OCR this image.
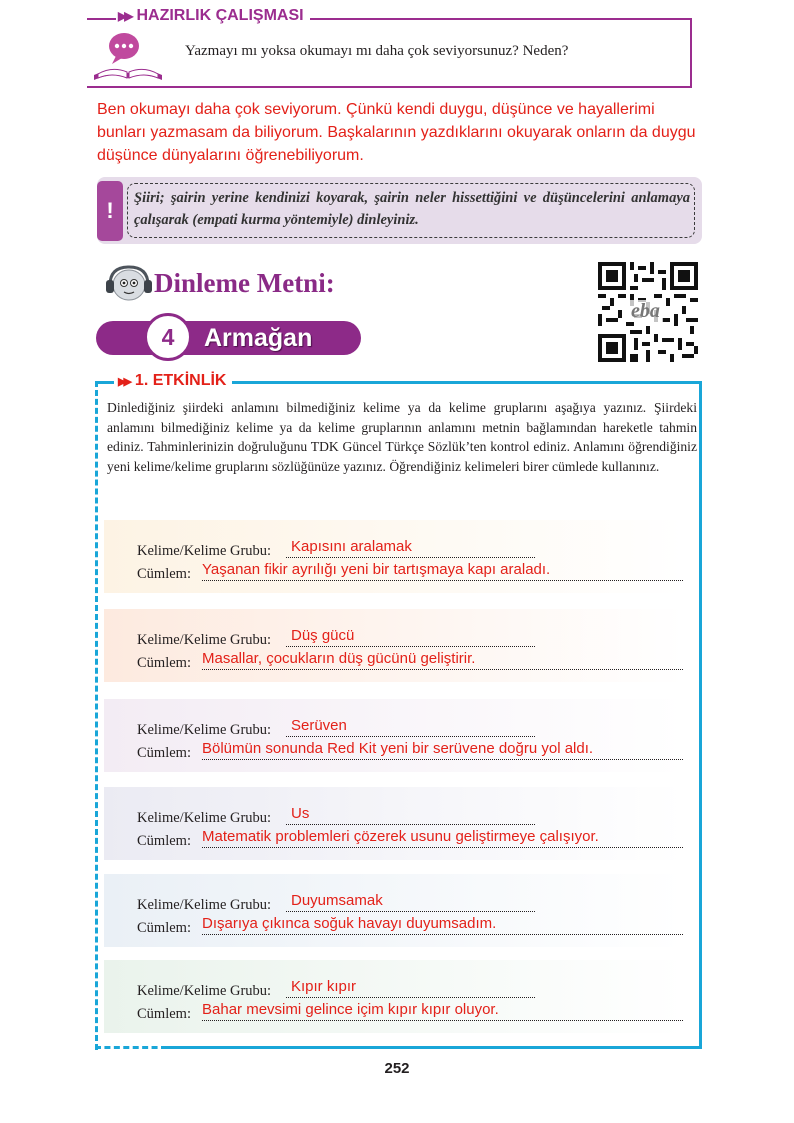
▶▶ HAZIRLIK ÇALIŞMASI
Yazmayı mı yoksa okumayı mı daha çok seviyorsunuz? Neden?
Ben okumayı daha çok seviyorum. Çünkü kendi duygu, düşünce ve hayallerimi bunları yazmasam da biliyorum. Başkalarının yazdıklarını okuyarak onların da duygu düşünce dünyalarını öğrenebiliyorum.
!	Şiiri; şairin yerine kendinizi koyarak, şairin neler hissettiğini ve düşüncelerini anlamaya çalışarak (empati kurma yöntemiyle) dinleyiniz.
Dinleme Metni:
eba
4	Armağan
▶▶ 1. ETKİNLİK
Dinlediğiniz şiirdeki anlamını bilmediğiniz kelime ya da kelime gruplarını aşağıya yazınız. Şiirdeki anlamını bilmediğiniz kelime ya da kelime gruplarının anlamını metnin bağlamından hareketle tahmin ediniz. Tahminlerinizin doğruluğunu TDK Güncel Türkçe Sözlük’ten kontrol ediniz. Anlamını öğrendiğiniz yeni kelime/kelime gruplarını sözlüğünüze yazınız. Öğrendiğiniz kelimeleri birer cümlede kullanınız.
Kelime/Kelime Grubu: Kapısını aralamak
Cümlem: Yaşanan fikir ayrılığı yeni bir tartışmaya kapı araladı.
Kelime/Kelime Grubu: Düş gücü
Cümlem: Masallar, çocukların düş gücünü geliştirir.
Kelime/Kelime Grubu: Serüven
Cümlem: Bölümün sonunda Red Kit yeni bir serüvene doğru yol aldı.
Kelime/Kelime Grubu: Us
Cümlem: Matematik problemleri çözerek usunu geliştirmeye çalışıyor.
Kelime/Kelime Grubu: Duyumsamak
Cümlem: Dışarıya çıkınca soğuk havayı duyumsadım.
Kelime/Kelime Grubu: Kıpır kıpır
Cümlem: Bahar mevsimi gelince içim kıpır kıpır oluyor.
252
